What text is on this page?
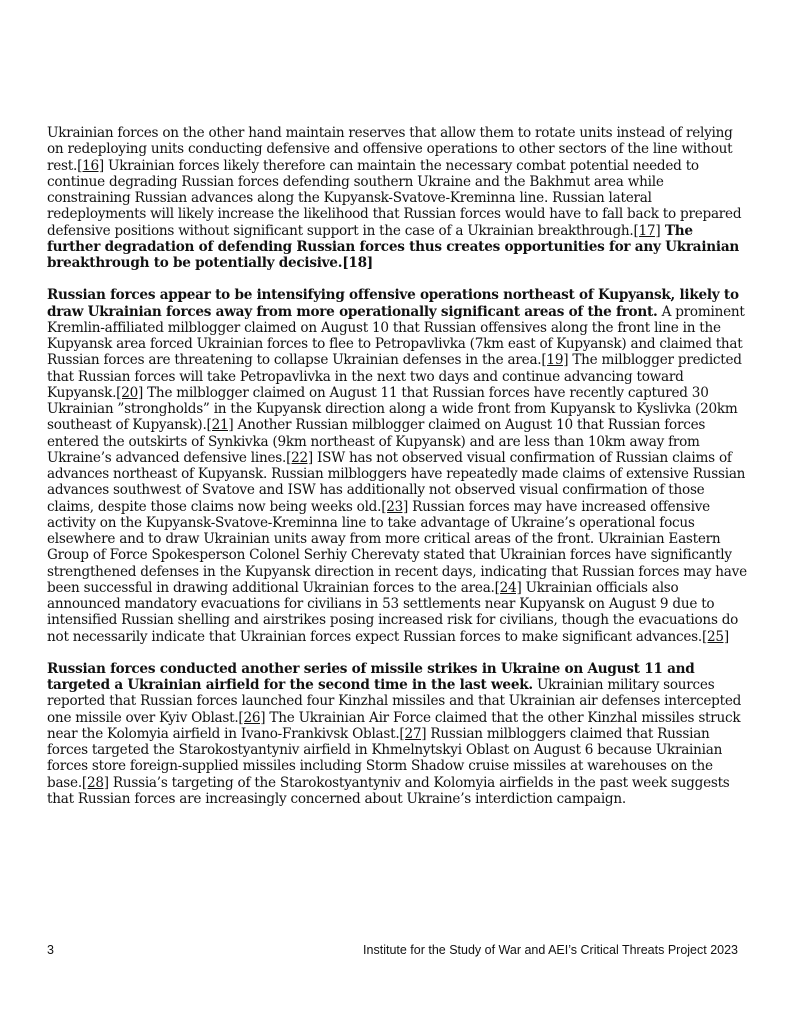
Ukrainian forces on the other hand maintain reserves that allow them to rotate units instead of relying on redeploying units conducting defensive and offensive operations to other sectors of the line without rest.[16] Ukrainian forces likely therefore can maintain the necessary combat potential needed to continue degrading Russian forces defending southern Ukraine and the Bakhmut area while constraining Russian advances along the Kupyansk-Svatove-Kreminna line. Russian lateral redeployments will likely increase the likelihood that Russian forces would have to fall back to prepared defensive positions without significant support in the case of a Ukrainian breakthrough.[17] The further degradation of defending Russian forces thus creates opportunities for any Ukrainian breakthrough to be potentially decisive.[18]

Russian forces appear to be intensifying offensive operations northeast of Kupyansk, likely to draw Ukrainian forces away from more operationally significant areas of the front. A prominent Kremlin-affiliated milblogger claimed on August 10 that Russian offensives along the front line in the Kupyansk area forced Ukrainian forces to flee to Petropavlivka (7km east of Kupyansk) and claimed that Russian forces are threatening to collapse Ukrainian defenses in the area.[19] The milblogger predicted that Russian forces will take Petropavlivka in the next two days and continue advancing toward Kupyansk.[20] The milblogger claimed on August 11 that Russian forces have recently captured 30 Ukrainian ”strongholds” in the Kupyansk direction along a wide front from Kupyansk to Kyslivka (20km southeast of Kupyansk).[21] Another Russian milblogger claimed on August 10 that Russian forces entered the outskirts of Synkivka (9km northeast of Kupyansk) and are less than 10km away from Ukraine’s advanced defensive lines.[22] ISW has not observed visual confirmation of Russian claims of advances northeast of Kupyansk. Russian milbloggers have repeatedly made claims of extensive Russian advances southwest of Svatove and ISW has additionally not observed visual confirmation of those claims, despite those claims now being weeks old.[23] Russian forces may have increased offensive activity on the Kupyansk-Svatove-Kreminna line to take advantage of Ukraine’s operational focus elsewhere and to draw Ukrainian units away from more critical areas of the front. Ukrainian Eastern Group of Force Spokesperson Colonel Serhiy Cherevaty stated that Ukrainian forces have significantly strengthened defenses in the Kupyansk direction in recent days, indicating that Russian forces may have been successful in drawing additional Ukrainian forces to the area.[24] Ukrainian officials also announced mandatory evacuations for civilians in 53 settlements near Kupyansk on August 9 due to intensified Russian shelling and airstrikes posing increased risk for civilians, though the evacuations do not necessarily indicate that Ukrainian forces expect Russian forces to make significant advances.[25]

Russian forces conducted another series of missile strikes in Ukraine on August 11 and targeted a Ukrainian airfield for the second time in the last week. Ukrainian military sources reported that Russian forces launched four Kinzhal missiles and that Ukrainian air defenses intercepted one missile over Kyiv Oblast.[26] The Ukrainian Air Force claimed that the other Kinzhal missiles struck near the Kolomyia airfield in Ivano-Frankivsk Oblast.[27] Russian milbloggers claimed that Russian forces targeted the Starokostyantyniv airfield in Khmelnytskyi Oblast on August 6 because Ukrainian forces store foreign-supplied missiles including Storm Shadow cruise missiles at warehouses on the base.[28] Russia’s targeting of the Starokostyantyniv and Kolomyia airfields in the past week suggests that Russian forces are increasingly concerned about Ukraine’s interdiction campaign.

3	Institute for the Study of War and AEI’s Critical Threats Project 2023
